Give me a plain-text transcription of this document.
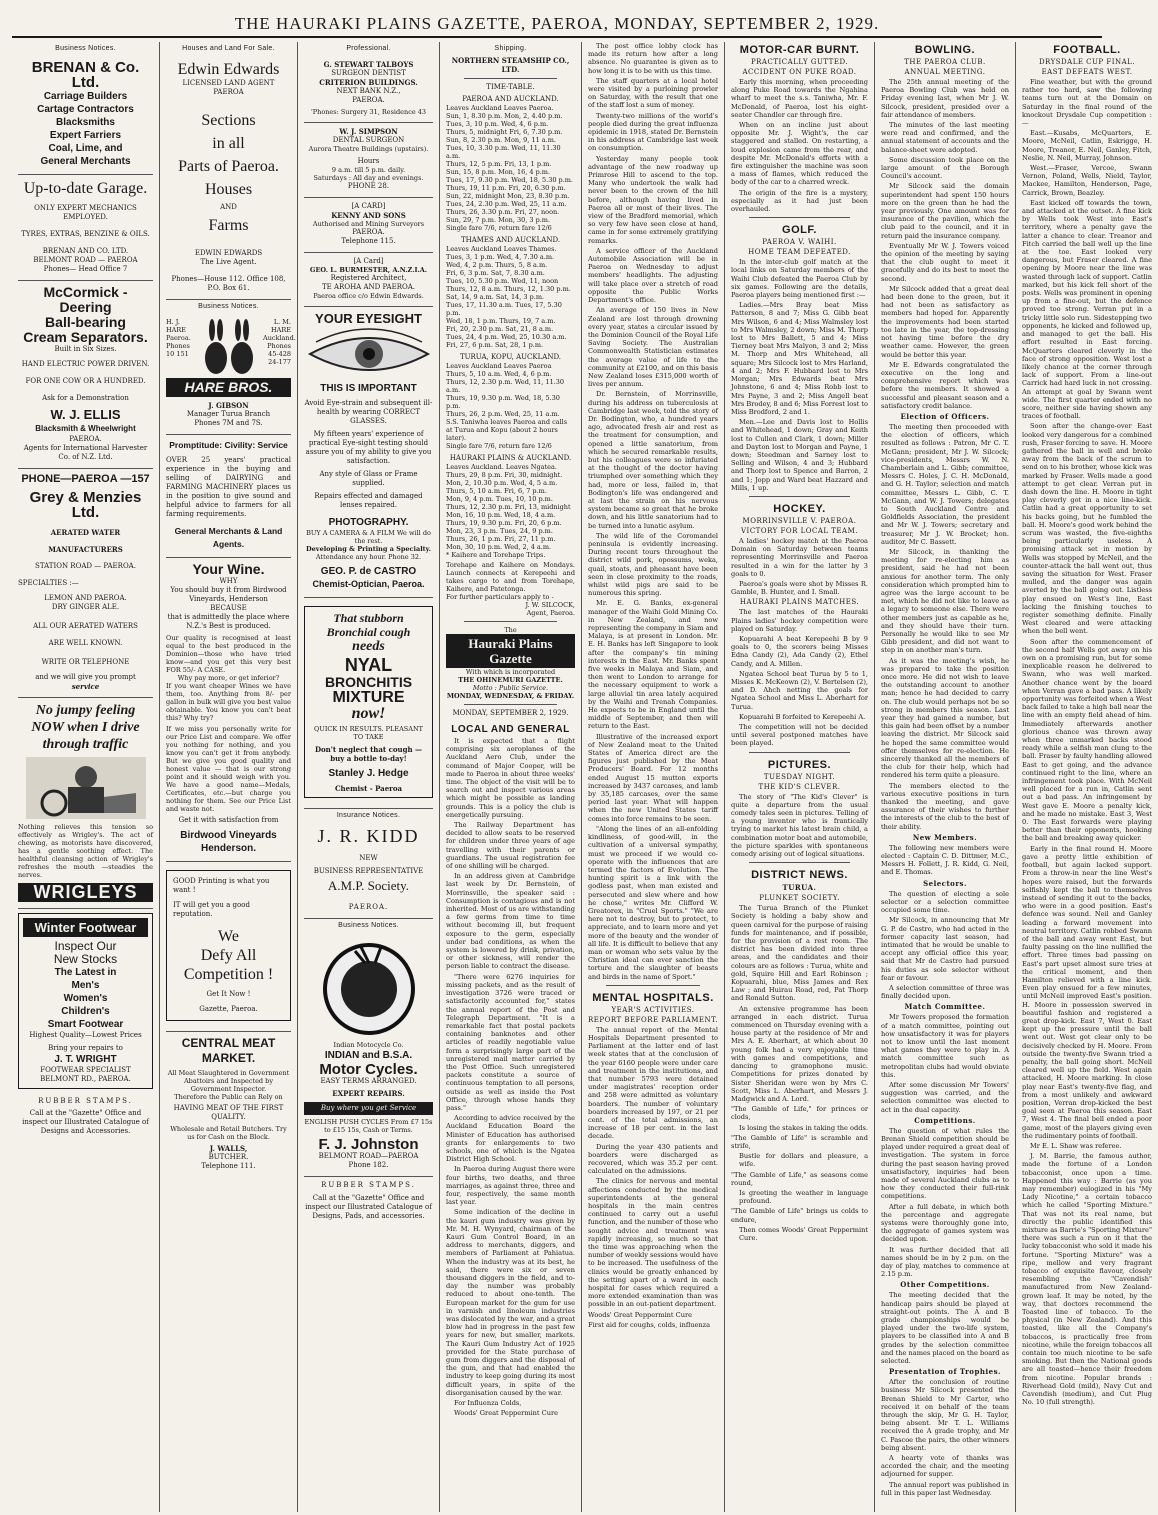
THE HAURAKI PLAINS GAZETTE, PAEROA, MONDAY, SEPTEMBER 2, 1929.
Business Notices.
BRENAN & Co. Ltd.
Carriage Builders
Cartage Contractors
Blacksmiths
Expert Farriers
Coal, Lime, and
General Merchants
Up-to-date Garage.
ONLY EXPERT MECHANICS EMPLOYED.
TYRES, EXTRAS, BENZINE & OILS.
BRENAN AND CO. LTD.
BELMONT ROAD — PAEROA
Phones— Head Office 7
McCormick - Deering
Ball-bearing
Cream Separators.
Built in Six Sizes.
HAND ELECTRIC POWER DRIVEN.
FOR ONE COW OR A HUNDRED.
Ask for a Demonstration
W. J. ELLIS
Blacksmith & Wheelwright
PAEROA.
Agents for International Harvester Co. of N.Z. Ltd.
PHONE—PAEROA —157
Grey & Menzies Ltd.
AERATED WATER
MANUFACTURERS
STATION ROAD — PAEROA.
SPECIALTIES :—
LEMON AND PAEROA.
DRY GINGER ALE.
ALL OUR AERATED WATERS
ARE WELL KNOWN.
WRITE OR TELEPHONE
and we will give you prompt
service
No jumpy feeling
NOW when I drive
through traffic
Nothing relieves this tension so effectively as Wrigley's. The act of chewing, as motorists have discovered, has a gentle soothing effect. The healthful cleansing action of Wrigley's refreshes the mouth —steadies the nerves.
WRIGLEYS
Winter Footwear
Inspect Our
New Stocks
The Latest in
Men's
Women's
Children's
Smart Footwear
Highest Quality—Lowest Prices
Bring your repairs to
J. T. WRIGHT
FOOTWEAR SPECIALIST
BELMONT RD., PAEROA.
RUBBER STAMPS.
Call at the "Gazette" Office and inspect our Illustrated Catalogue of Designs and Accessories.
Houses and Land For Sale.
Edwin Edwards
LICENSED LAND AGENT
PAEROA
Sections
in all
Parts of Paeroa.
Houses
AND
Farms
EDWIN EDWARDS
The Live Agent.
Phones—House 112. Office 108, P.O. Box 61.
Business Notices.
H. J. HARE Paeroa. Phones 10 151
L. M. HARE Auckland. Phones 45-428 24-177
HARE BROS.
J. GIBSON
Manager Turua Branch
Phones 7M and 7S.
Promptitude: Civility: Service
OVER 25 years' practical experience in the buying and selling of DAIRYING and FARMING MACHINERY places us in the position to give sound and helpful advice to farmers for all farming requirements.
General Merchants & Land Agents.
Your Wine.
WHY
You should buy it from Birdwood Vineyards, Henderson
BECAUSE
that is admittedly the place where N.Z.'s Best is produced.
Our quality is recognised at least equal to the best produced in the Dominion—those who have tried know—and you get this very best FOR 55/- A CASE.
Why pay more, or get inferior?
If you want cheaper Wines we have them, too. Anything from 8/- per gallon in bulk will give you best value obtainable. You know you can't beat this? Why try?
If we miss you personally write for our Price List and compare. We offer you nothing for nothing, and you know you can't get it from anybody. But we give you good quality and honest value — that is our strong point and it should weigh with you. We have a good name—Medals, Certificates, etc.—but charge you nothing for them. See our Price List and waste not.
Get it with satisfaction from
Birdwood Vineyards Henderson.
GOOD Printing is what you want !
IT will get you a good reputation.
We
Defy All
Competition !
Get It Now !
Gazette, Paeroa.
CENTRAL MEAT MARKET.
All Meat Slaughtered in Government Abattoirs and Inspected by Government Inspector.
Therefore the Public can Rely on
HAVING MEAT OF THE FIRST QUALITY.
Wholesale and Retail Butchers. Try us for Cash on the Block.
J. WALLS,
BUTCHER.
Telephone 111.
Professional.
G. STEWART TALBOYS
SURGEON DENTIST
CRITERION BUILDINGS.
NEXT BANK N.Z.,
PAEROA.
'Phones: Surgery 31, Residence 43
W. J. SIMPSON
DENTAL SURGEON
Aurora Theatre Buildings (upstairs).
Hours
9 a.m. till 5 p.m. daily.
Saturdays : All day and evenings.
PHONE 28.
[A CARD]
KENNY AND SONS
Authorised and Mining Surveyors
PAEROA.
Telephone 115.
[A Card]
GEO. L. BURMESTER, A.N.Z.I.A.
Registered Architect,
TE AROHA AND PAEROA.
Paeroa office c/o Edwin Edwards.
YOUR EYESIGHT
THIS IS IMPORTANT
Avoid Eye-strain and subsequent ill-health by wearing CORRECT GLASSES.
My fifteen years' experience of practical Eye-sight testing should assure you of my ability to give you satisfaction.
Any style of Glass or Frame supplied.
Repairs effected and damaged lenses repaired.
PHOTOGRAPHY.
BUY A CAMERA & A FILM We will do the rest.
Developing & Printing a Specialty.
Attendance any hour. Phone 32.
GEO. P. de CASTRO
Chemist-Optician, Paeroa.
That stubborn
Bronchial cough
needs
NYAL
BRONCHITIS
MIXTURE
now!
QUICK IN RESULTS. PLEASANT TO TAKE
Don't neglect that cough —buy a bottle to-day!
Stanley J. Hedge
Chemist - Paeroa
Insurance Notices.
J. R. KIDD
NEW
BUSINESS REPRESENTATIVE
A.M.P. Society.
PAEROA.
Business Notices.
Indian Motocycle Co.
INDIAN and B.S.A.
Motor Cycles.
EASY TERMS ARRANGED.
EXPERT REPAIRS.
Buy where you get Service
ENGLISH PUSH CYCLES From £7 15s to £15 15s, Cash or Terms.
F. J. Johnston
BELMONT ROAD—PAEROA
Phone 182.
RUBBER STAMPS.
Call at the "Gazette" Office and inspect our Illustrated Catalogue of Designs, Pads, and accessories.
Shipping.
NORTHERN STEAMSHIP CO., LTD.
TIME-TABLE.
PAEROA AND AUCKLAND.
Leaves Auckland Leaves Paeroa.
Sun, 1, 8.30 p.m. Mon, 2, 4.40 p.m.
Tues, 3, 10 p.m. Wed, 4, 6 p.m.
Thurs, 5, midnight Fri, 6, 7.30 p.m.
Sun, 8, 2.30 p.m. Mon, 9, 11 a.m.
Tues, 10, 3.30 p.m. Wed, 11, 11.30 a.m.
Thurs, 12, 5 p.m. Fri, 13, 1 p.m.
Sun, 15, 8 p.m. Mon, 16, 4 p.m.
Tues, 17, 9.30 p.m. Wed, 18, 5.30 p.m.
Thurs, 19, 11 p.m. Fri, 20, 6.30 p.m.
Sun, 22, midnight Mon, 23, 8.30 p.m.
Tues, 24, 2.30 p.m. Wed, 25, 11 a.m.
Thurs, 26, 3.30 p.m. Fri, 27, noon.
Sun, 29, 7 p.m. Mon, 30, 3 p.m.
Single fare 7/6, return fare 12/6
THAMES AND AUCKLAND.
Leaves Auckland Leaves Thames.
Tues, 3, 1 p.m. Wed, 4, 7.30 a.m.
Wed, 4, 2 p.m. Thurs, 5, 8 a.m.
Fri, 6, 3 p.m. Sat, 7, 8.30 a.m.
Tues, 10, 5.30 p.m. Wed, 11, noon
Thurs, 12, 8 a.m. Thurs, 12, 1.30 p.m.
Sat, 14, 9 a.m. Sat, 14, 3 p.m.
Tues, 17, 11.30 a.m. Tues, 17, 5.30 p.m.
Wed, 18, 1 p.m. Thurs, 19, 7 a.m.
Fri, 20, 2.30 p.m. Sat, 21, 8 a.m.
Tues, 24, 4 p.m. Wed, 25, 10.30 a.m.
Fri, 27, 6 p.m. Sat, 28, 1 p.m.
TURUA, KOPU, AUCKLAND.
Leaves Auckland Leaves Paeroa
Thurs, 5, 10 a.m. Wed, 4, 6 p.m.
Thurs, 12, 2.30 p.m. Wed, 11, 11.30 a.m.
Thurs, 19, 9.30 p.m. Wed, 18, 5.30 p.m.
Thurs, 26, 2 p.m. Wed, 25, 11 a.m.
S.S. Taniwha leaves Paeroa and calls at Turua and Kopu (about 2 hours later).
Single fare 7/6, return fare 12/6
HAURAKI PLAINS & AUCKLAND.
Leaves Auckland. Leaves Ngatea.
Thurs, 29, 8 p.m. Fri, 30, midnight.
Mon, 2, 10.30 p.m. Wed, 4, 5 a.m.
Thurs, 5, 10 a.m. Fri, 6, 7 p.m.
Mon, 9, 4 p.m. Tues, 10, 10 p.m.
Thurs, 12, 2.30 p.m. Fri, 13, midnight
Mon, 16, 10 p.m. Wed, 18, 4 a.m.
Thurs, 19, 9.30 p.m. Fri, 20, 6 p.m.
Mon, 23, 3 p.m. Tues, 24, 9 p.m.
Thurs, 26, 1 p.m. Fri, 27, 11 p.m.
Mon, 30, 10 p.m. Wed, 2, 4 a.m.
* Kaihere and Torehape Trips.
Torehape and Kaihere on Mondays. Launch connects at Kerepeehi and takes cargo to and from Torehape, Kaihere, and Patetonga.
For further particulars apply to -
J. W. SILCOCK,
Agent, Paeroa.
The
Hauraki Plains Gazette
With which is incorporated
THE OHINEMURI GAZETTE.
Motto : Public Service.
MONDAY, WEDNESDAY, & FRIDAY.
MONDAY, SEPTEMBER 2, 1929.
LOCAL AND GENERAL
It is expected that a flight comprising six aeroplanes of the Auckland Aero Club, under the command of Major Cooper, will be made to Paeroa in about three weeks' time. The object of the visit will be to search out and inspect various areas which might be possible as landing grounds. This is a policy the club is energetically pursuing.
The Railway Department has decided to allow seats to be reserved for children under three years of age travelling with their parents or guardians. The usual registration fee of one shilling will be charged.
In an address given at Cambridge last week by Dr. Bernstein, of Morrinsville, the speaker said : Consumption is contagious and is not inherited. Most of us are withstanding a few germs from time to time without becoming ill, but frequent exposure to the germ, especially under bad conditions, as when the system is lowered by drink, privation, or other sickness, will render the person liable to contract the disease.
"There were 6276 inquiries for missing packets, and as the result of investigation 3726 were traced or satisfactorily accounted for," states the annual report of the Post and Telegraph Department. "It is a remarkable fact that postal packets containing banknotes and other articles of readily negotiable value form a surprisingly large part of the unregistered mail matter carried by the Post Office. Such unregistered packets constitute a source of continuous temptation to all persons, outside as well as inside the Post Office, through whose hands they pass."
According to advice received by the Auckland Education Board the Minister of Education has authorised grants for enlargements to two schools, one of which is the Ngatea District High School.
In Paeroa during August there were four births, two deaths, and three marriages, as against three, three and four, respectively, the same month last year.
Some indication of the decline in the kauri gum industry was given by Mr. M. H. Wynyard, chairman of the Kauri Gum Control Board, in an address to merchants, diggers, and members of Parliament at Pahiatua. When the industry was at its best, he said, there were six or seven thousand diggers in the field, and to-day the number was probably reduced to about one-tenth. The European market for the gum for use in varnish and linoleum industries was dislocated by the war, and a great blow had in progress in the past few years for new, but smaller, markets. The Kauri Gum Industry Act of 1925 provided for the State purchase of gum from diggers and the disposal of the gum, and that had enabled the industry to keep going during its most difficult years, in spite of the disorganisation caused by the war.
For Influenza Colds,
Woods' Great Peppermint Cure
The post office lobby clock has made its return how after a long absence. No guarantee is given as to how long it is to be with us this time.
The staff quarters at a local hotel were visited by a purloining prowler on Saturday, with the result that one of the staff lost a sum of money.
Twenty-two millions of the world's people died during the great influenza epidemic in 1918, stated Dr. Bernstein in his address at Cambridge last week on consumption.
Yesterday many people took advantage of the new roadway up Primrose Hill to ascend to the top. Many who undertook the walk had never been to the crown of the hill before, although having lived in Paeroa all or most of their lives. The view of the Bradford memorial, which so very few have seen close at hand, came in for some extremely gratifying remarks.
A service officer of the Auckland Automobile Association will be in Paeroa on Wednesday to adjust members' headlights. The adjusting will take place over a stretch of road opposite the Public Works Department's office.
An average of 150 lives in New Zealand are lost through drowning every year, states a circular issued by the Dominion Council of the Royal Life Saving Society. The Australian Commonwealth Statistician estimates the average value of life to the community at £2100, and on this basis New Zealand loses £315,000 worth of lives per annum.
Dr. Bernstein, of Morrinsville, during his address on tuberculosis at Cambridge last week, told the story of Dr. Bodington, who, a hundred years ago, advocated fresh air and rest as the treatment for consumption, and opened a little sanatorium, from which he secured remarkable results, but his colleagues were so infuriated at the thought of the doctor having triumphed over something which they had, more or less, failed in, that Bodington's life was endangered and at last the strain on his nervous system became so great that he broke down, and his little sanatorium had to be turned into a lunatic asylum.
The wild life of the Coromandel peninsula is evidently increasing. During recent tours throughout the district wild pork, opossums, weka, quail, stoats, and pheasant have been seen in close proximity to the roads, whilst wild pigs are said to be numerous this spring.
Mr. E. G. Banks, ex-general manager of the Waihi Gold Mining Co. in New Zealand, and now representing the company in Siam and Malaya, is at present in London. Mr. E. H. Banks has left Singapore to look after the company's tin mining interests in the East. Mr. Banks spent five weeks in Malaya and Siam, and then went to London to arrange for the necessary equipment to work a large alluvial tin area lately acquired by the Waihi and Trenah Companies. He expects to be in England until the middle of September, and then will return to the East.
Illustrative of the increased export of New Zealand meat to the United States of America direct are the figures just published by the Meat Producers' Board. For 12 months ended August 15 mutton exports increased by 3437 carcases, and lamb by 35,185 carcases, over the same period last year. What will happen when the new United States tariff comes into force remains to be seen.
"Along the lines of an all-enfolding kindliness, of good-will, in the cultivation of a universal sympathy, must we proceed if we would co-operate with the influences that are termed the factors of Evolution. The hunting spirit is a link with the godless past, when man existed and persecuted and slew where and how he chose," writes Mr. Clifford W. Greatorex, in "Cruel Sports." "We are here not to destroy, but to protect, to appreciate, and to learn more and yet more of the beauty and the wonder of all life. It is difficult to believe that any man or woman who sets value by the Christian ideal can ever sanction the torture and the slaughter of beasts and birds in the name of Sport."
MENTAL HOSPITALS.
YEAR'S ACTIVITIES.
REPORT BEFORE PARLIAMENT.
The annual report of the Mental Hospitals Department presented to Parliament at the latter end of last week states that at the conclusion of the year 6160 people were under care and treatment in the institutions, and that number 5793 were detained under magistrates' reception order and 258 were admitted as voluntary boarders. The number of voluntary boarders increased by 197, or 21 per cent. of the total admissions, an increase of 18 per cent. in the last decade.
During the year 430 patients and boarders were discharged as recovered, which was 35.2 per cent. calculated on the admissions.
The clinics for nervous and mental affections conducted by the medical superintendents at the general hospitals in the main centres continued to carry out a useful function, and the number of those who sought advice and treatment was rapidly increasing, so much so that the time was approaching when the number of weekly sessions would have to be increased. The usefulness of the clinics would be greatly enhanced by the setting apart of a ward in each hospital for cases which required a more extended examination than was possible in an out-patient department.
Woods' Great Peppermint Cure
First aid for coughs, colds, influenza
MOTOR-CAR BURNT.
PRACTICALLY GUTTED.
ACCIDENT ON PUKE ROAD.
Early this morning, when proceeding along Puke Road towards the Ngahina wharf to meet the s.s. Taniwha, Mr. F. McDonald, of Paeroa, lost his eight-seater Chandler car through fire.
When on an incline just about opposite Mr. J. Wight's, the car staggered and stalled. On restarting, a loud explosion came from the rear, and despite Mr. McDonald's efforts with a fire extinguisher the machine was soon a mass of flames, which reduced the body of the car to a charred wreck.
The origin of the fire is a mystery, especially as it had just been overhauled.
GOLF.
PAEROA V. WAIHI.
HOME TEAM DEFEATED.
In the inter-club golf match at the local links on Saturday members of the Waihi Club defeated the Paeroa Club by six games. Following are the details, Paeroa players being mentioned first :—
Ladies.—Mrs Bray beat Miss Patterson, 8 and 7; Miss G. Gibb beat Mrs Wilson, 6 and 4; Miss Walmsley lost to Mrs Walmsley, 2 down; Miss M. Thorp lost to Mrs Ballett, 5 and 4; Miss Tierney beat Mrs Malyon, 3 and 2; Miss M. Thorp and Mrs Whitehead, all square; Mrs Silcock lost to Mrs Harland, 4 and 2; Mrs F. Hubbard lost to Mrs Morgan; Mrs Edwards beat Mrs Johnstone, 6 and 4; Miss Robb lost to Mrs Payne, 3 and 2; Miss Angell beat Mrs Brodey, 8 and 6; Miss Forrest lost to Miss Brodford, 2 and 1.
Men.—Lee and Davis lost to Hollis and Whitehead, 1 down; Gray and Keith lost to Cullen and Clark, 1 down; Miller and Dayton lost to Morgan and Payne, 1 down; Steedman and Sarney lost to Selling and Wilson, 4 and 3; Hubbard and Thorp lost to Spence and Barron, 2 and 1; Jopp and Ward beat Hazzard and Mills, 1 up.
HOCKEY.
MORRINSVILLE V. PAEROA.
VICTORY FOR LOCAL TEAM.
A ladies' hockey match at the Paeroa Domain on Saturday between teams representing Morrinsville and Paeroa resulted in a win for the latter by 3 goals to 0.
Paeroa's goals were shot by Misses R. Gamble, B. Hunter, and I. Small.
HAURAKI PLAINS MATCHES.
The last matches of the Hauraki Plains ladies' hockey competition were played on Saturday.
Kopuarahi A beat Kerepeehi B by 9 goals to 0, the scorers being Misses Edna Candy (2), Ada Candy (2), Ethel Candy, and A. Millen.
Ngatea School beat Turua by 5 to 1, Misses K. McKeown (2), V. Bertelsen (2), and D. Ahch netting the goals for Ngatea School and Miss L. Aberhart for Turua.
Kopuarahi B forfeited to Kerepeehi A.
The competition will not be decided until several postponed matches have been played.
PICTURES.
TUESDAY NIGHT.
THE KID'S CLEVER.
The story of "The Kid's Clever" is quite a departure from the usual comedy tales seen in pictures. Telling of a young inventor who is frantically trying to market his latest brain child, a combination motor boat and automobile, the picture sparkles with spontaneous comedy arising out of logical situations.
DISTRICT NEWS.
TURUA.
PLUNKET SOCIETY.
The Turua Branch of the Plunket Society is holding a baby show and queen carnival for the purpose of raising funds for maintenance, and if possible, for the provision of a rest room. The district has been divided into three areas, and the candidates and their colours are as follows : Turua, white and gold, Squire Hill and Earl Robinson ; Kopuarahi, blue, Miss James and Rex Law ; and Huirau Road, red, Pat Thorp and Ronald Sutton.
An extensive programme has been arranged in each district. Turua commenced on Thursday evening with a house party at the residence of Mr and Mrs A. E. Aberhart, at which about 30 young folk had a very enjoyable time with games and competitions, and dancing to gramophone music. Competitions for prizes donated by Sister Sheridan were won by Mrs C. Scott, Miss L. Aberhart, and Messrs J. Madgwick and A. Lord.
"The Gamble of Life," for princes or clods,
Is losing the stakes in taking the odds.
"The Gamble of Life" is scramble and strife,
Bustle for dollars and pleasure, a wife.
"The Gamble of Life," as seasons come round,
Is greeting the weather in language profound.
"The Gamble of Life" brings us colds to endure,
Then comes Woods' Great Peppermint Cure.
BOWLING.
THE PAEROA CLUB.
ANNUAL MEETING.
The 25th annual meeting of the Paeroa Bowling Club was held on Friday evening last, when Mr J. W. Silcock, president, presided over a fair attendance of members.
The minutes of the last meeting were read and confirmed, and the annual statement of accounts and the balance-sheet were adopted.
Some discussion took place on the large amount of the Borough Council's account.
Mr Silcock said the domain superintendent had spent 150 hours more on the green than he had the year previously. One amount was for insurance of the pavilion, which the club paid to the council, and it in return paid the insurance company.
Eventually Mr W. J. Towers voiced the opinion of the meeting by saying that the club ought to meet it gracefully and do its best to meet the second.
Mr Silcock added that a great deal had been done to the green, but it had not been as satisfactory as members had hoped for. Apparently the improvements had been started too late in the year, the top-dressing not having time before the dry weather came. However, the green would be better this year.
Mr E. Edwards congratulated the executive on the long and comprehensive report which was before the members. It showed a successful and pleasant season and a satisfactory credit balance.
Election of Officers.
The meeting then proceeded with the election of officers, which resulted as follows : Patron, Mr C. T. McGann; president, Mr J. W. Silcock; vice-presidents, Messrs W. N. Chamberlain and L. Gibb; committee, Messrs C. Holes, J. C. H. McDonald, and G. H. Taylor; selection and match committee, Messrs L. Gibb, C. T. McGann, and W. J. Towers; delegates to South Auckland Centre and Goldfields Association, the president and Mr W. J. Towers; secretary and treasurer, Mr J. W. Brocket; hon. auditor, Mr C. Bassett.
Mr Silcock, in thanking the meeting for re-electing him as president, said he had not been anxious for another term. The only consideration which prompted him to agree was the large account to be met, which he did not like to leave as a legacy to someone else. There were other members just as capable as he, and they should have their turn. Personally he would like to see Mr Gibb president, and did not want to step in on another man's turn.
As it was the meeting's wish, he was prepared to take the position once more. He did not wish to leave the outstanding account to another man; hence he had decided to carry on. The club would perhaps not be so strong in members this season. Last year they had gained a number, but this gain had been offset by a number leaving the district. Mr Silcock said he hoped the same committee would offer themselves for re-election. He sincerely thanked all the members of the club for their help, which had rendered his term quite a pleasure.
The members elected to the various executive positions in turn thanked the meeting, and gave assurance of their wishes to further the interests of the club to the best of their ability.
New Members.
The following new members were elected : Captain C. D. Dittmer, M.C., Messrs H. Follett, J. R. Kidd, G. Neil, and E. Thomas.
Selectors.
The question of electing a sole selector or a selection committee occupied some time.
Mr Silcock, in announcing that Mr G. P. de Castro, who had acted in the former capacity last season, had intimated that he would be unable to accept any official office this year, said that Mr de Castro had pursued his duties as sole selector without fear or favour.
A selection committee of three was finally decided upon.
Match Committee.
Mr Towers proposed the formation of a match committee, pointing out how unsatisfactory it was for players not to know until the last moment what games they were to play in. A match committee such as metropolitan clubs had would obviate this.
After some discussion Mr Towers' suggestion was carried, and the selection committee was elected to act in the dual capacity.
Competitions.
The question of what rules the Brenan Shield competition should be played under required a great deal of investigation. The system in force during the past season having proved unsatisfactory, inquiries had been made of several Auckland clubs as to how they conducted their full-rink competitions.
After a full debate, in which both the percentage and aggregate systems were thoroughly gone into, the aggregate of games system was decided upon.
It was further decided that all names should be in by 2 p.m. on the day of play, matches to commence at 2.15 p.m.
Other Competitions.
The meeting decided that the handicap pairs should be played at straight-out points. The A and B grade championships would be played under the two-life system, players to be classified into A and B grades by the selection committee and the names placed on the board as selected.
Presentation of Trophies.
After the conclusion of routine business Mr Silcock presented the Brenan Shield to Mr Carter, who received it on behalf of the team through the skip, Mr G. H. Taylor, being absent. Mr T. L. Williams received the A grade trophy, and Mr C. Pascoe the pairs, the other winners being absent.
A hearty vote of thanks was accorded the chair, and the meeting adjourned for supper.
The annual report was published in full in this paper last Wednesday.
FOOTBALL.
DRYSDALE CUP FINAL.
EAST DEFEATS WEST.
Fine weather, but with the ground rather too hard, saw the following teams turn out at the Domain on Saturday in the final round of the knockout Drysdale Cup competition :—
East.—Kusabs, McQuarters, E. Moore, McNeil, Catlin, Eskrigge, H. Moore, Treanor, E. Neil, Ganley, Fitch, Neslie, N. Neil, Murray, Johnson.
West.—Fraser, Vercoe, Swann Vernon, Poland, Wells, Nield, Taylor, Mackee, Hamilton, Henderson, Page, Carrick, Brown, Beazley.
East kicked off towards the town, and attacked at the outset. A fine kick by Wells took West into East's territory, where a penalty gave the latter a chance to clear. Treanor and Fitch carried the ball well up the line at the toe. East looked very dangerous, but Fraser cleared. A fine opening by Moore near the line was wasted through lack of support. Catlin marked, but his kick fell short of the posts. Wells was prominent in opening up from a fine-out, but the defence proved too strong. Verran put in a tricky little solo run. Sidestepping two opponents, he kicked and followed up, and managed to get the ball. His effort resulted in East forcing. McQuarters cleared cleverly in the face of strong opposition. West lost a likely chance at the corner through lack of support. From a line-out Carrick had hard luck in not crossing. An attempt at goal by Swann went wide. The first quarter ended with no score, neither side having shown any traces of football.
Soon after the change-over East looked very dangerous for a combined rush, Fraser forcing to save. H. Moore gathered the ball in well and broke away from the back of the scrum to send on to his brother, whose kick was marked by Fraser. Wells made a good attempt to get clear. Verran put in dash down the line. H. Moore in tight play cleverly got in a nice line-kick. Catlin had a great opportunity to set his backs going, but he fumbled the ball. H. Moore's good work behind the scrum was wasted, the five-eighths being particularly useless. A promising attack set in motion by Wells was stopped by McNeil, and the counter-attack the ball went out, thus saving the situation for West. Fraser mulled, and the danger was again averted by the ball going out. Listless play ensued on West's line, East lacking the finishing touches to register something definite. Finally West cleared and were attacking when the bell went.
Soon after the commencement of the second half Wells got away on his own on a promising run, but for some inexplicable reason he delivered to Swann, who was well marked. Another chance went by the board when Verran gave a bad pass. A likely opportunity was forfeited when a West back failed to take a high ball near the line with an empty field ahead of him. Immediately afterwards another glorious chance was thrown away when three unmarked backs stood ready while a selfish man clung to the ball. Fraser by faulty handling allowed East to get going, and the advance continued right to the line, where an infringement took place. With McNeil well placed for a run in, Catlin sent out a bad pass. An infringement by West gave E. Moore a penalty kick, and he made no mistake. East 3, West 0. The East forwards were playing better than their opponents, hooking the ball and breaking away quicker.
Early in the final round H. Moore gave a pretty little exhibition of football, but again lacked support. From a throw-in near the line West's hopes were raised, but the forwards selfishly kept the ball to themselves instead of sending it out to the backs, who were in a good position. East's defence was sound. Neil and Ganley leading a forward movement into neutral territory. Catlin robbed Swann of the ball and away went East, but faulty passing on the line nullified the effort. Three times bad passing on East's part upset almost sure tries at the critical moment, and then Hamilton relieved with a line kick. Even play ensued for a few minutes, until McNeil improved East's position. H. Moore in possession swerved in beautiful fashion and registered a great drop-kick. East 7, West 0. East kept up the pressure until the ball went out. West got clear only to be decisively checked by H. Moore. From outside the twenty-five Swann tried a penalty, the ball going short. McNeil cleared well up the field. West again attacked, H. Moore marking. In close play near East's twenty-five flag, and from a most unlikely and awkward position, Verran drop-kicked the best goal seen at Paeroa this season. East 7, West 4. The final bell ended a poor game, most of the players giving even the rudimentary points of football.
Mr E. L. Shaw was referee.
J. M. Barrie, the famous author, made the fortune of a London tobacconist, once upon a time. Happened this way : Barrie (as you may remember) eulogized in his "My Lady Nicotine," a certain tobacco which he called "Sporting Mixture." That was not its real name, but directly the public identified this mixture as Barrie's "Sporting Mixture" there was such a run on it that the lucky tobacconist who sold it made his fortune. "Sporting Mixture" was a ripe, mellow and very fragrant tobacco of exquisite flavour, closely resembling the "Cavendish" manufactured from New Zealand-grown leaf. It may be noted, by the way, that doctors recommend the Toasted line of tobacco. To the physical (in New Zealand). And this toasted, like all the Company's tobaccos, is practically free from nicotine, while the foreign tobaccos all contain too much nicotine to be safe smoking. But then the National goods are all toasted—hence their freedom from nicotine. Popular brands : Riverhead Gold (mild), Navy Cut and Cavendish (medium), and Cut Plug No. 10 (full strength).
